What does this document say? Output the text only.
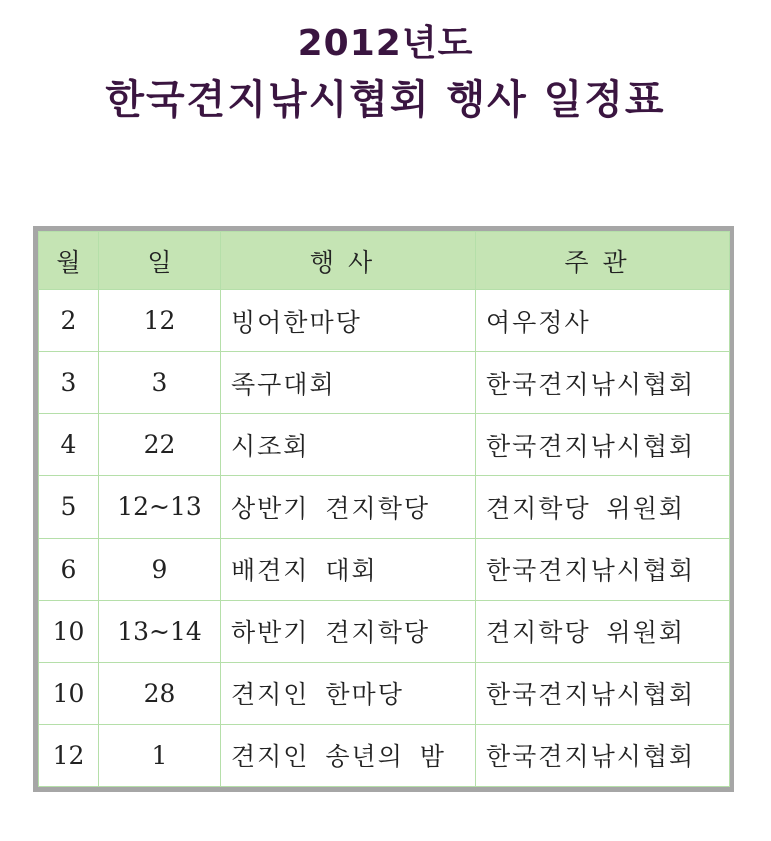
2012년도
한국견지낚시협회 행사 일정표
월	일	행사	주관
2	12	빙어한마당	여우정사
3	3	족구대회	한국견지낚시협회
4	22	시조회	한국견지낚시협회
5	12~13	상반기 견지학당	견지학당 위원회
6	9	배견지 대회	한국견지낚시협회
10	13~14	하반기 견지학당	견지학당 위원회
10	28	견지인 한마당	한국견지낚시협회
12	1	견지인 송년의 밤	한국견지낚시협회
